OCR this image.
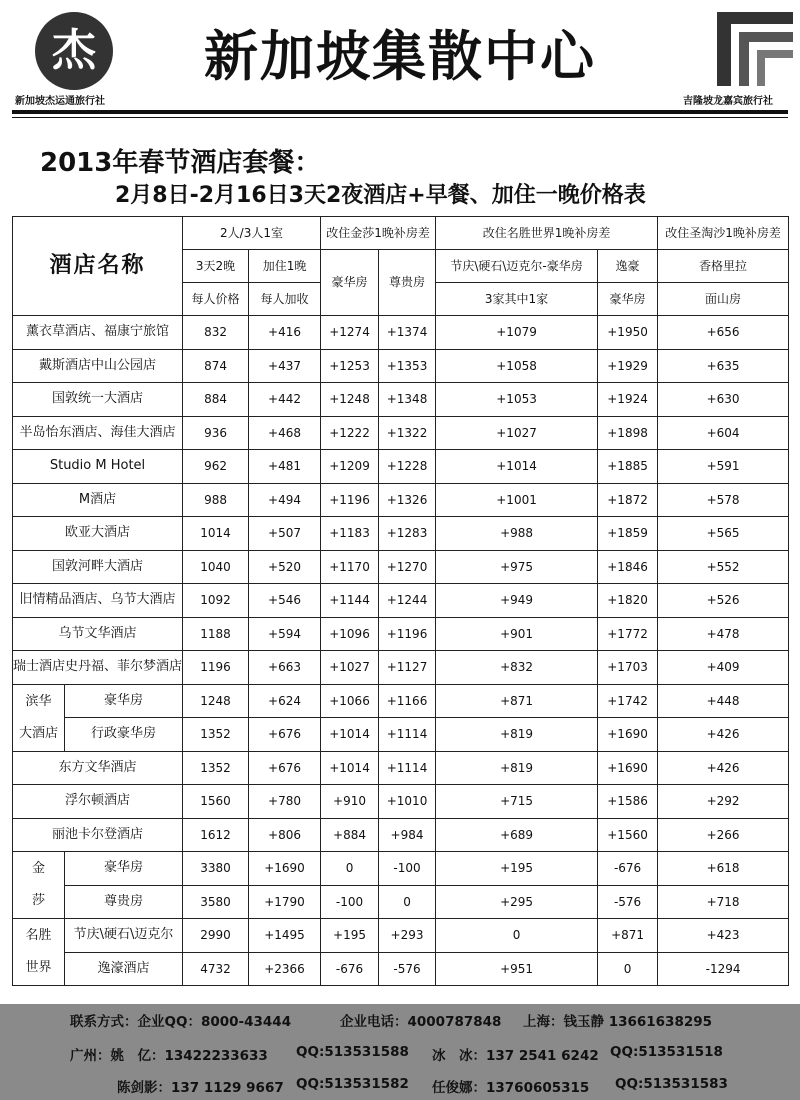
杰
新加坡杰运通旅行社
新加坡集散中心
吉隆坡龙嘉宾旅行社
2013年春节酒店套餐：
2月8日-2月16日3天2夜酒店+早餐、加住一晚价格表
酒店名称		2人/3人1室		改住金莎1晚补房差		改住名胜世界1晚补房差		改住圣淘沙1晚补房差
		3天2晚	加住1晚	豪华房	尊贵房	节庆\硬石\迈克尔-豪华房	逸豪	香格里拉
		每人价格	每人加收			3家其中1家	豪华房	面山房
薰衣草酒店、福康宁旅馆		832	+416	+1274	+1374	+1079	+1950	+656
戴斯酒店中山公园店		874	+437	+1253	+1353	+1058	+1929	+635
国敦统一大酒店		884	+442	+1248	+1348	+1053	+1924	+630
半岛怡东酒店、海佳大酒店		936	+468	+1222	+1322	+1027	+1898	+604
Studio M Hotel		962	+481	+1209	+1228	+1014	+1885	+591
M酒店		988	+494	+1196	+1326	+1001	+1872	+578
欧亚大酒店		1014	+507	+1183	+1283	+988	+1859	+565
国敦河畔大酒店		1040	+520	+1170	+1270	+975	+1846	+552
旧情精品酒店、乌节大酒店		1092	+546	+1144	+1244	+949	+1820	+526
乌节文华酒店		1188	+594	+1096	+1196	+901	+1772	+478
瑞士酒店史丹福、菲尔梦酒店		1196	+663	+1027	+1127	+832	+1703	+409

滨华
大酒店	豪华房	1248	+624	+1066	+1166	+871	+1742	+448
	行政豪华房	1352	+676	+1014	+1114	+819	+1690	+426
东方文华酒店		1352	+676	+1014	+1114	+819	+1690	+426
浮尔顿酒店		1560	+780	+910	+1010	+715	+1586	+292
丽池卡尔登酒店		1612	+806	+884	+984	+689	+1560	+266

金
莎	豪华房	3380	+1690	0	-100	+195	-676	+618
	尊贵房	3580	+1790	-100	0	+295	-576	+718

名胜
世界	节庆\硬石\迈克尔	2990	+1495	+195	+293	0	+871	+423
	逸濠酒店	4732	+2366	-676	-576	+951	0	-1294
联系方式：企业QQ：8000-43444	企业电话：4000787848 上海：钱玉静 13661638295
广州：姚　亿：13422233633 QQ:513531588 冰　冰：137 2541 6242 QQ:513531518
陈剑影：137 1129 9667 QQ:513531582 任俊娜：13760605315 QQ:513531583
